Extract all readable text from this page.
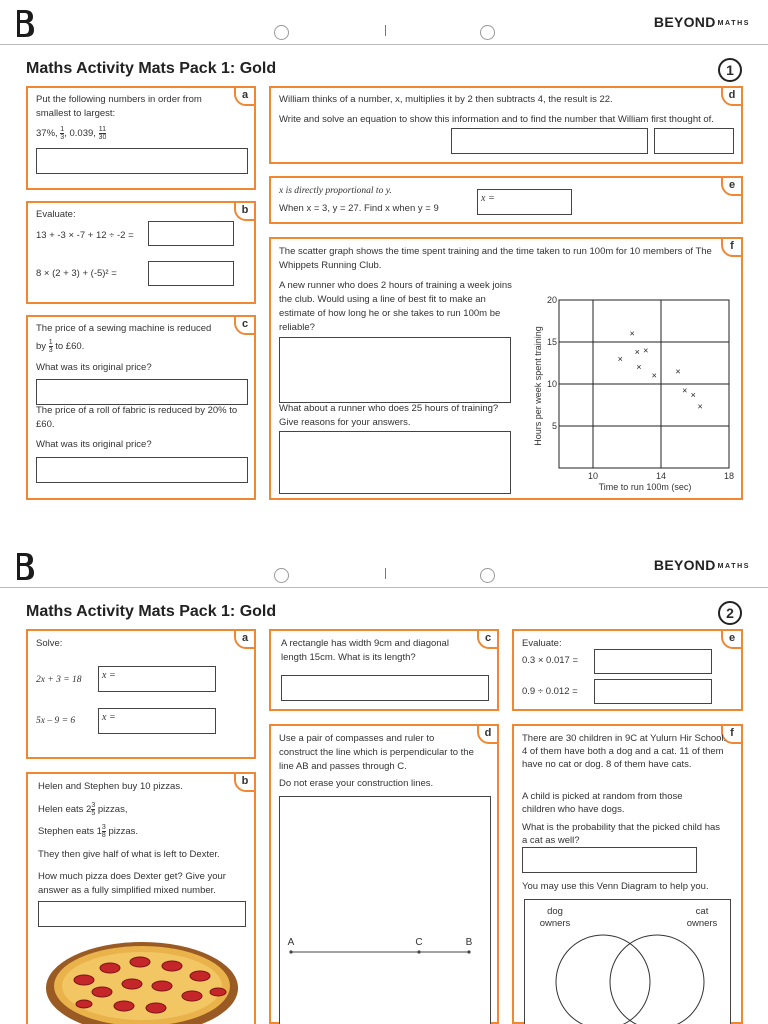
BEYOND MATHS
Maths Activity Mats Pack 1: Gold	1
a
Put the following numbers in order from smallest to largest:
37%, $\frac{1}{3}$ , 0.039, $\frac{11}{30}$
b
Evaluate:
13 + -3 × -7 + 12 ÷ -2 =
8 × (2 + 3) + (-5)² =
c
The price of a sewing machine is reduced
by $\frac{1}{3}$ to £60.
What was its original price?
The price of a roll of fabric is reduced by 20% to £60.
What was its original price?
d
William thinks of a number, x, multiplies it by 2 then subtracts 4, the result is 22.
Write and solve an equation to show this information and to find the number that William first thought of.
e
x is directly proportional to y.
When x = 3, y = 27. Find x when y = 9
x =
f
The scatter graph shows the time spent training and the time taken to run 100m for 10 members of The Whippets Running Club.
A new runner who does 2 hours of training a week joins the club. Would using a line of best fit to make an estimate of how long he or she takes to run 100m be reliable?
What about a runner who does 25 hours of training? Give reasons for your answers.
×
×
× ×
×
× ×
× ×
×
10	14	18
5
10
15
20
Hours per week spent training
Time to run 100m (sec)
BEYOND MATHS
Maths Activity Mats Pack 1: Gold	2
a
Solve:
2x + 3 = 18	x =
5x – 9 = 6	x =
b
Helen and Stephen buy 10 pizzas.
Helen eats $2 \frac{3}{5}$ pizzas,
Stephen eats $1 \frac{3}{8}$ pizzas.
They then give half of what is left to Dexter.
How much pizza does Dexter get? Give your answer as a fully simplified mixed number.
c
A rectangle has width 9cm and diagonal length 15cm. What is its length?
d
Use a pair of compasses and ruler to construct the line which is perpendicular to the line AB and passes through C.
Do not erase your construction lines.
A	C	B
e
Evaluate:
0.3 × 0.017 =
0.9 ÷ 0.012 =
f
There are 30 children in 9C at Yulurn Hir School. 4 of them have both a dog and a cat. 11 of them have no cat or dog. 8 of them have cats.
A child is picked at random from those children who have dogs.
What is the probability that the picked child has a cat as well?
You may use this Venn Diagram to help you.
dog owners
cat owners
